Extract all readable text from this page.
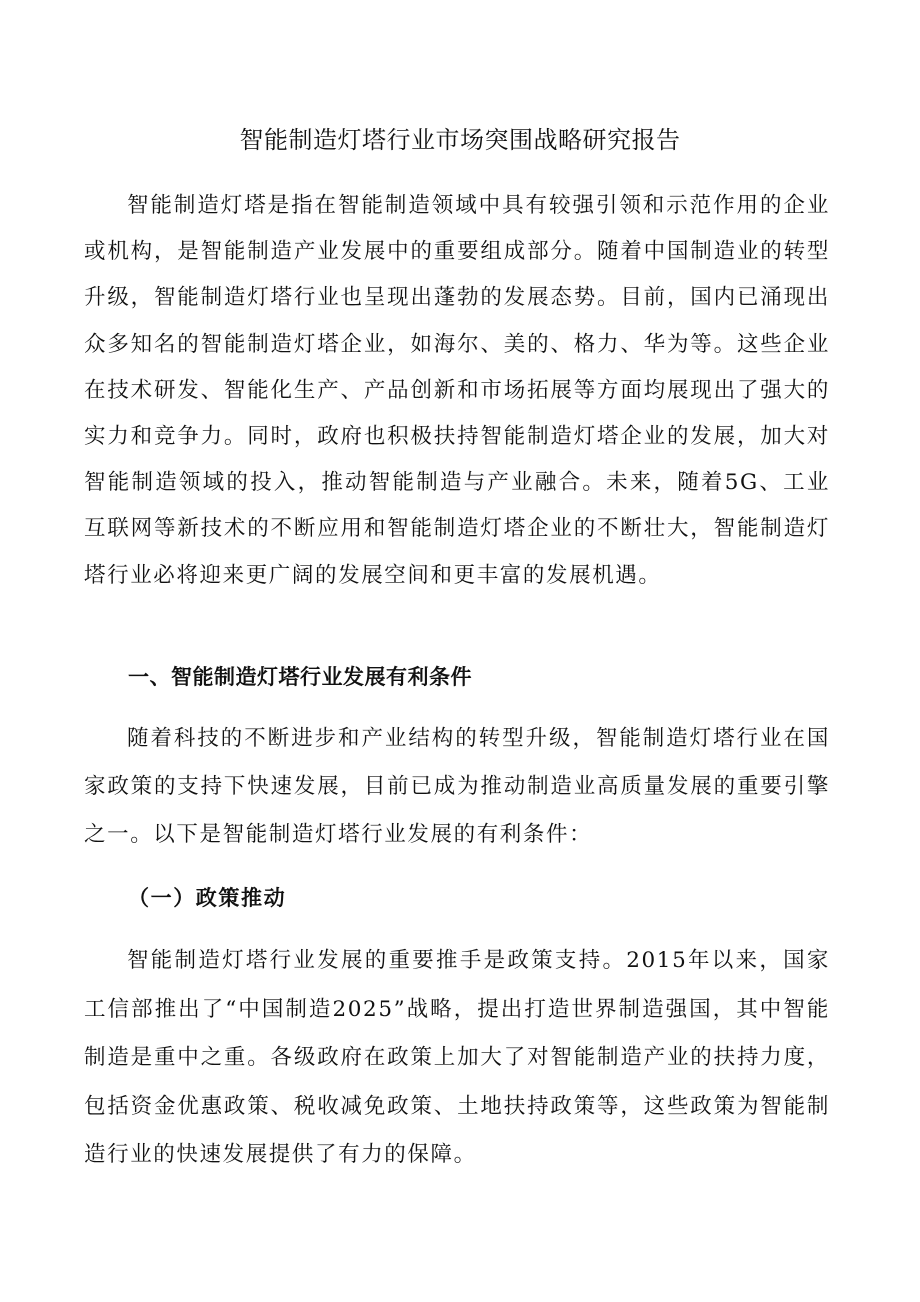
智能制造灯塔行业市场突围战略研究报告

智能制造灯塔是指在智能制造领域中具有较强引领和示范作用的企业或机构，是智能制造产业发展中的重要组成部分。随着中国制造业的转型升级，智能制造灯塔行业也呈现出蓬勃的发展态势。目前，国内已涌现出众多知名的智能制造灯塔企业，如海尔、美的、格力、华为等。这些企业在技术研发、智能化生产、产品创新和市场拓展等方面均展现出了强大的实力和竞争力。同时，政府也积极扶持智能制造灯塔企业的发展，加大对智能制造领域的投入，推动智能制造与产业融合。未来，随着5G、工业互联网等新技术的不断应用和智能制造灯塔企业的不断壮大，智能制造灯塔行业必将迎来更广阔的发展空间和更丰富的发展机遇。

一、智能制造灯塔行业发展有利条件

随着科技的不断进步和产业结构的转型升级，智能制造灯塔行业在国家政策的支持下快速发展，目前已成为推动制造业高质量发展的重要引擎之一。以下是智能制造灯塔行业发展的有利条件：

（一）政策推动

智能制造灯塔行业发展的重要推手是政策支持。2015年以来，国家工信部推出了“中国制造2025”战略，提出打造世界制造强国，其中智能制造是重中之重。各级政府在政策上加大了对智能制造产业的扶持力度，包括资金优惠政策、税收减免政策、土地扶持政策等，这些政策为智能制造行业的快速发展提供了有力的保障。
